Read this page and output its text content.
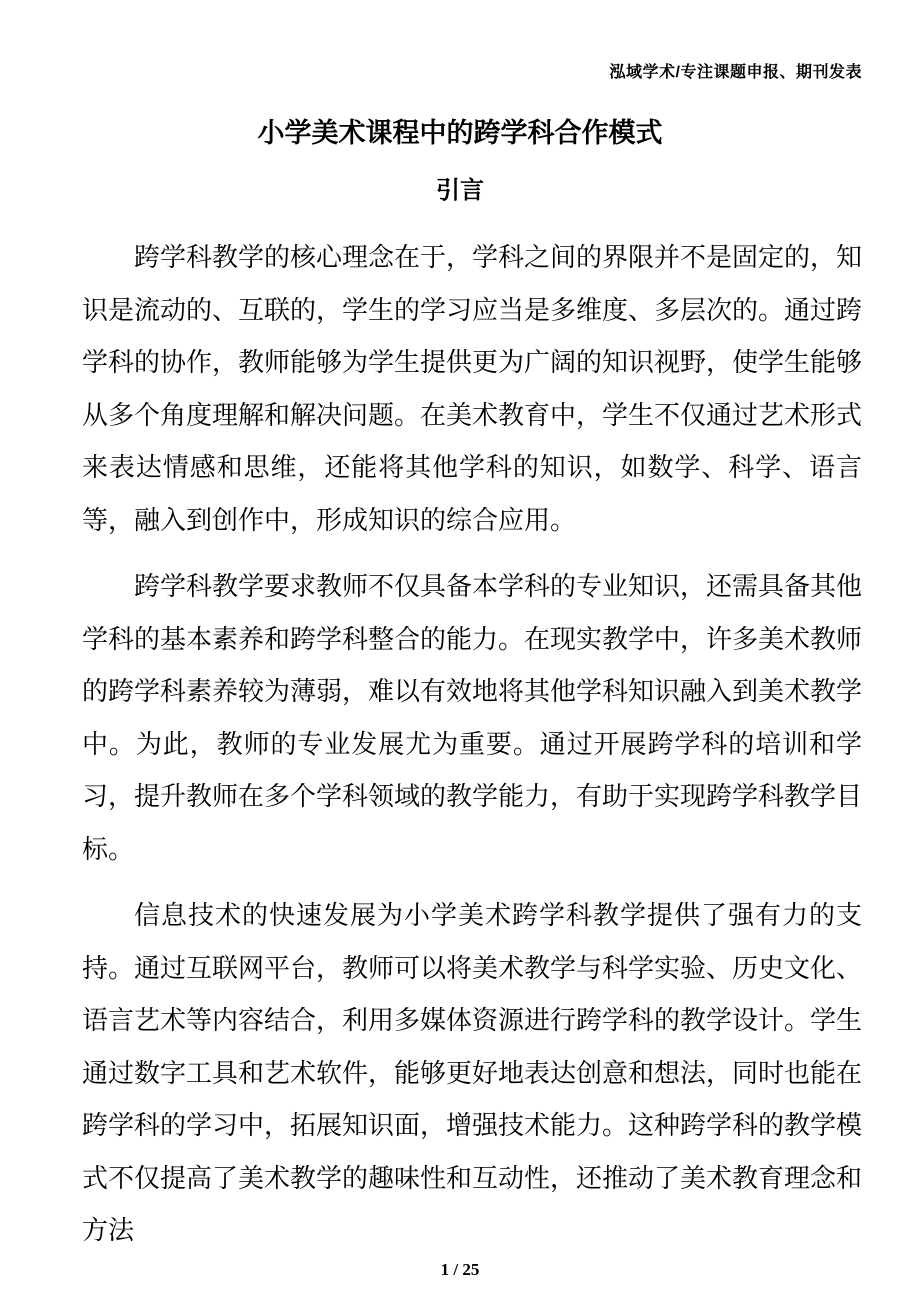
泓域学术/专注课题申报、期刊发表
小学美术课程中的跨学科合作模式
引言

跨学科教学的核心理念在于，学科之间的界限并不是固定的，知识是流动的、互联的，学生的学习应当是多维度、多层次的。通过跨学科的协作，教师能够为学生提供更为广阔的知识视野，使学生能够从多个角度理解和解决问题。在美术教育中，学生不仅通过艺术形式来表达情感和思维，还能将其他学科的知识，如数学、科学、语言等，融入到创作中，形成知识的综合应用。

跨学科教学要求教师不仅具备本学科的专业知识，还需具备其他学科的基本素养和跨学科整合的能力。在现实教学中，许多美术教师的跨学科素养较为薄弱，难以有效地将其他学科知识融入到美术教学中。为此，教师的专业发展尤为重要。通过开展跨学科的培训和学习，提升教师在多个学科领域的教学能力，有助于实现跨学科教学目标。

信息技术的快速发展为小学美术跨学科教学提供了强有力的支持。通过互联网平台，教师可以将美术教学与科学实验、历史文化、语言艺术等内容结合，利用多媒体资源进行跨学科的教学设计。学生通过数字工具和艺术软件，能够更好地表达创意和想法，同时也能在跨学科的学习中，拓展知识面，增强技术能力。这种跨学科的教学模式不仅提高了美术教学的趣味性和互动性，还推动了美术教育理念和方法

1 / 25
